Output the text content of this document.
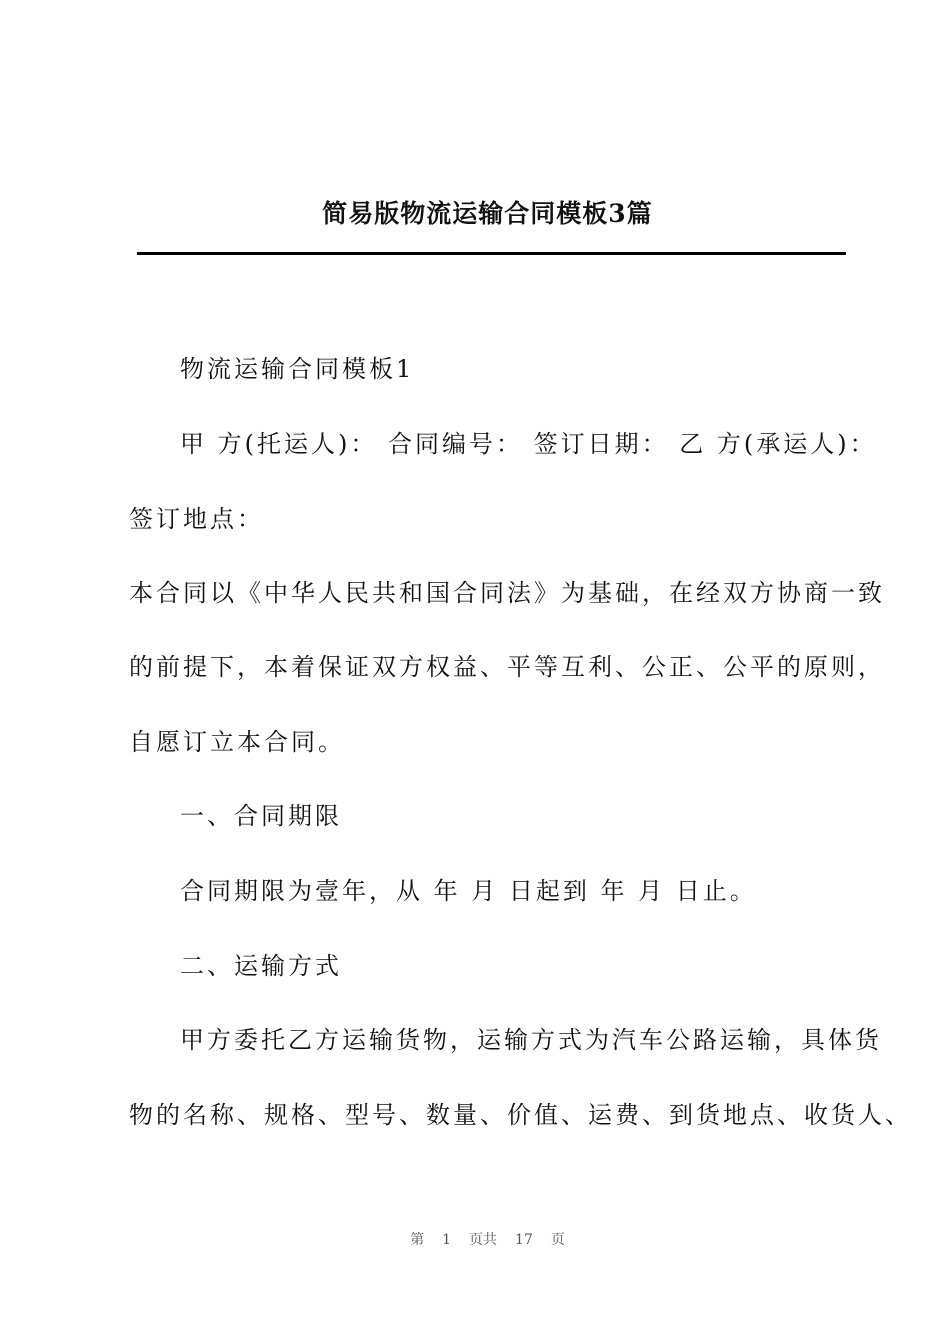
简易版物流运输合同模板3篇
物流运输合同模板1
甲 方(托运人)： 合同编号： 签订日期： 乙 方(承运人)：
签订地点：
本合同以《中华人民共和国合同法》为基础，在经双方协商一致
的前提下，本着保证双方权益、平等互利、公正、公平的原则，
自愿订立本合同。
一、合同期限
合同期限为壹年，从 年 月 日起到 年 月 日止。
二、运输方式
甲方委托乙方运输货物，运输方式为汽车公路运输，具体货
物的名称、规格、型号、数量、价值、运费、到货地点、收货人、
第 1 页共 17 页
